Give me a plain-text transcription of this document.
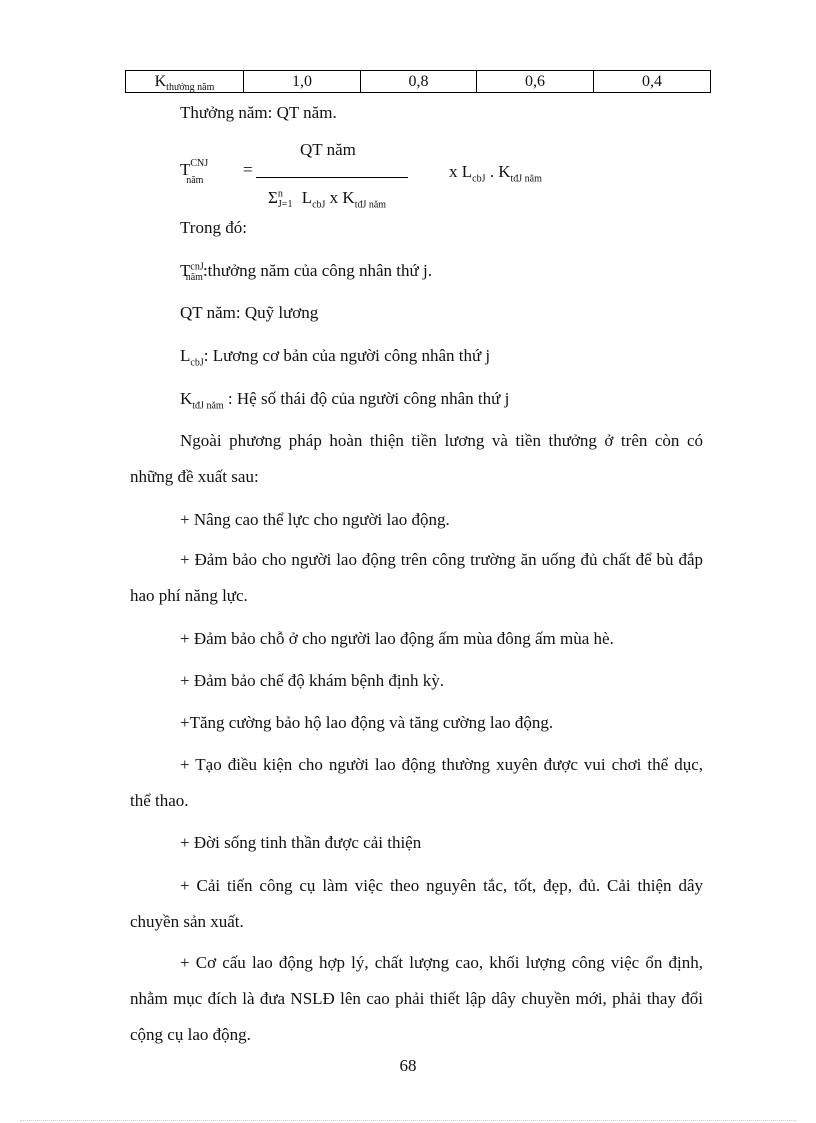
$K_{thưởng năm}$	1,0	0,8	0,6	0,4
Thưởng năm: QT năm.
$T^{CNJ}_{năm}$
=
QT năm
$\Sigma^n_{J=1}$ $L_{cbJ}$ x $K_{tđJ năm}$
x $L_{cbJ}$ . $K_{tđJ năm}$
Trong đó:
$T^{cnJ}_{năm}:thưởng$ năm của công nhân thứ j.
QT năm: Quỹ lương
$L_{cbJ}$: Lương cơ bản của người công nhân thứ j
$K_{tđJ năm}$ : Hệ số thái độ của người công nhân thứ j

Ngoài phương pháp hoàn thiện tiền lương và tiền thưởng ở trên còn có những đề xuất sau:

+ Nâng cao thể lực cho người lao động.

+ Đảm bảo cho người lao động trên công trường ăn uống đủ chất để bù đắp hao phí năng lực.

+ Đảm bảo chỗ ở cho người lao động ấm mùa đông ấm mùa hè.

+ Đảm bảo chế độ khám bệnh định kỳ.

+Tăng cường bảo hộ lao động và tăng cường lao động.

+ Tạo điều kiện cho người lao động thường xuyên được vui chơi thể dục, thể thao.

+ Đời sống tinh thần được cải thiện

+ Cải tiến công cụ làm việc theo nguyên tắc, tốt, đẹp, đủ. Cải thiện dây chuyền sản xuất.

+ Cơ cấu lao động hợp lý, chất lượng cao, khối lượng công việc ổn định, nhằm mục đích là đưa NSLĐ lên cao phải thiết lập dây chuyền mới, phải thay đổi cộng cụ lao động.

68
